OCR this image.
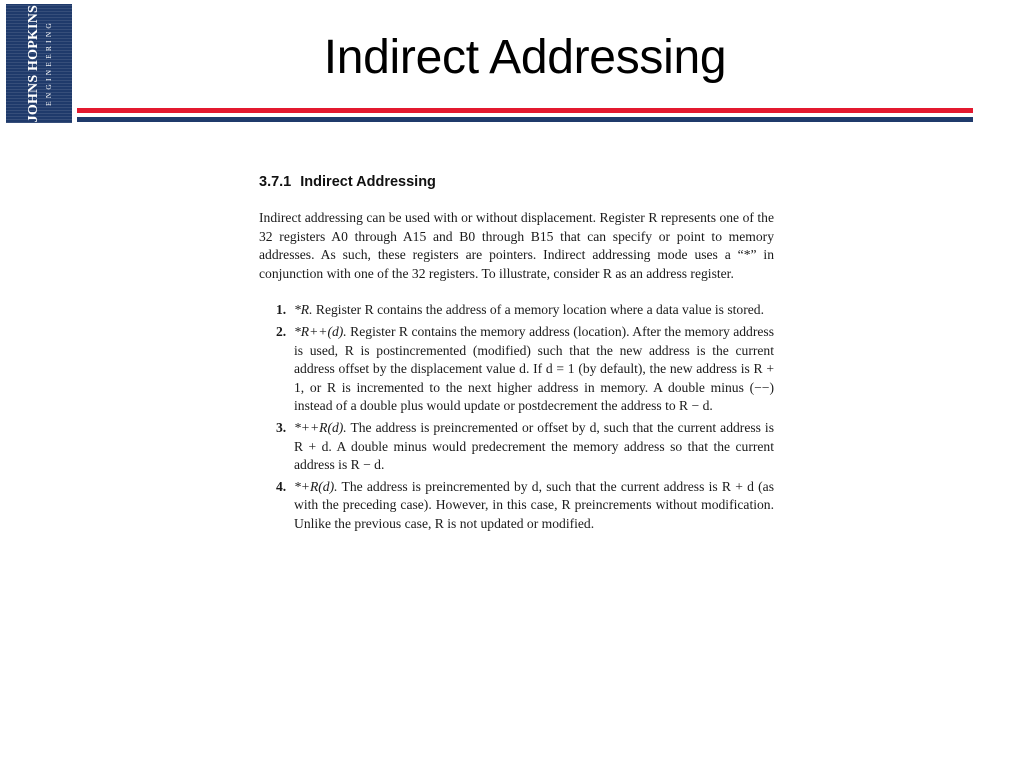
JOHNS HOPKINS ENGINEERING	Indirect Addressing
3.7.1 Indirect Addressing

Indirect addressing can be used with or without displacement. Register R represents one of the 32 registers A0 through A15 and B0 through B15 that can specify or point to memory addresses. As such, these registers are pointers. Indirect addressing mode uses a “*” in conjunction with one of the 32 registers. To illustrate, consider R as an address register.

1. *R. Register R contains the address of a memory location where a data value is stored.
2. *R++(d). Register R contains the memory address (location). After the memory address is used, R is postincremented (modified) such that the new address is the current address offset by the displacement value d. If d = 1 (by default), the new address is R + 1, or R is incremented to the next higher address in memory. A double minus (−−) instead of a double plus would update or postdecrement the address to R − d.
3. *++R(d). The address is preincremented or offset by d, such that the current address is R + d. A double minus would predecrement the memory address so that the current address is R − d.
4. *+R(d). The address is preincremented by d, such that the current address is R + d (as with the preceding case). However, in this case, R preincrements without modification. Unlike the previous case, R is not updated or modified.
